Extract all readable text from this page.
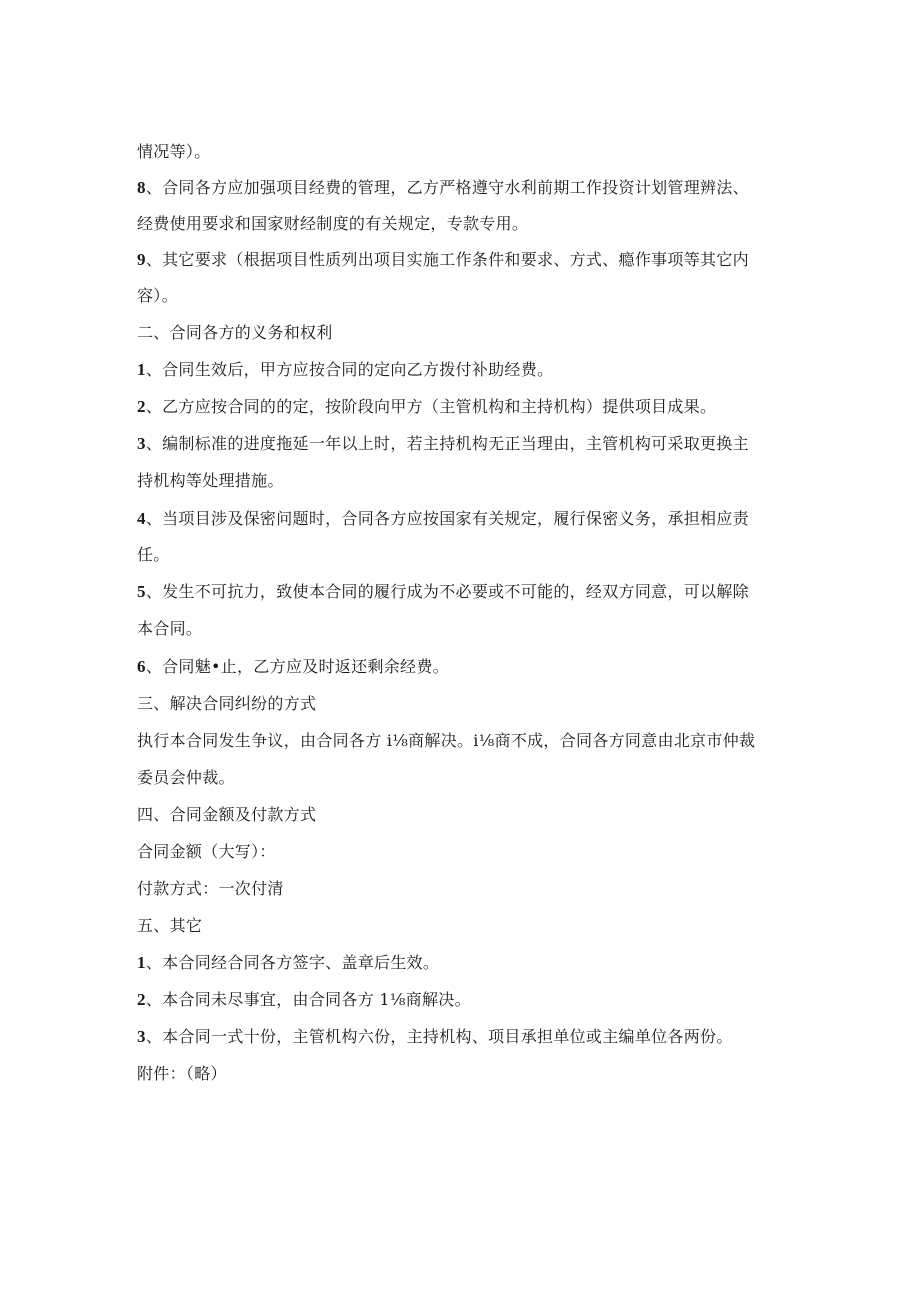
情况等）。
8、合同各方应加强项目经费的管理，乙方严格遵守水利前期工作投资计划管理辨法、
经费使用要求和国家财经制度的有关规定，专款专用。
9、其它要求（根据项目性质列出项目实施工作条件和要求、方式、瘾作事项等其它内
容）。
二、合同各方的义务和权利
1、合同生效后，甲方应按合同的定向乙方拨付补助经费。
2、乙方应按合同的的定，按阶段向甲方（主管机构和主持机构）提供项目成果。
3、编制标准的进度拖延一年以上时，若主持机构无正当理由，主管机构可采取更换主
持机构等处理措施。
4、当项目涉及保密问题时，合同各方应按国家有关规定，履行保密义务，承担相应责
任。
5、发生不可抗力，致使本合同的履行成为不必要或不可能的，经双方同意，可以解除
本合同。
6、合同魅•止，乙方应及时返还剩余经费。
三、解决合同纠纷的方式
执行本合同发生争议，由合同各方 i⅛商解决。i⅛商不成，合同各方同意由北京市仲裁
委员会仲裁。
四、合同金额及付款方式
合同金额（大写）：
付款方式：一次付清
五、其它
1、本合同经合同各方签字、盖章后生效。
2、本合同未尽事宜，由合同各方 1⅛商解决。
3、本合同一式十份，主管机构六份，主持机构、项目承担单位或主编单位各两份。
附件：（略）
